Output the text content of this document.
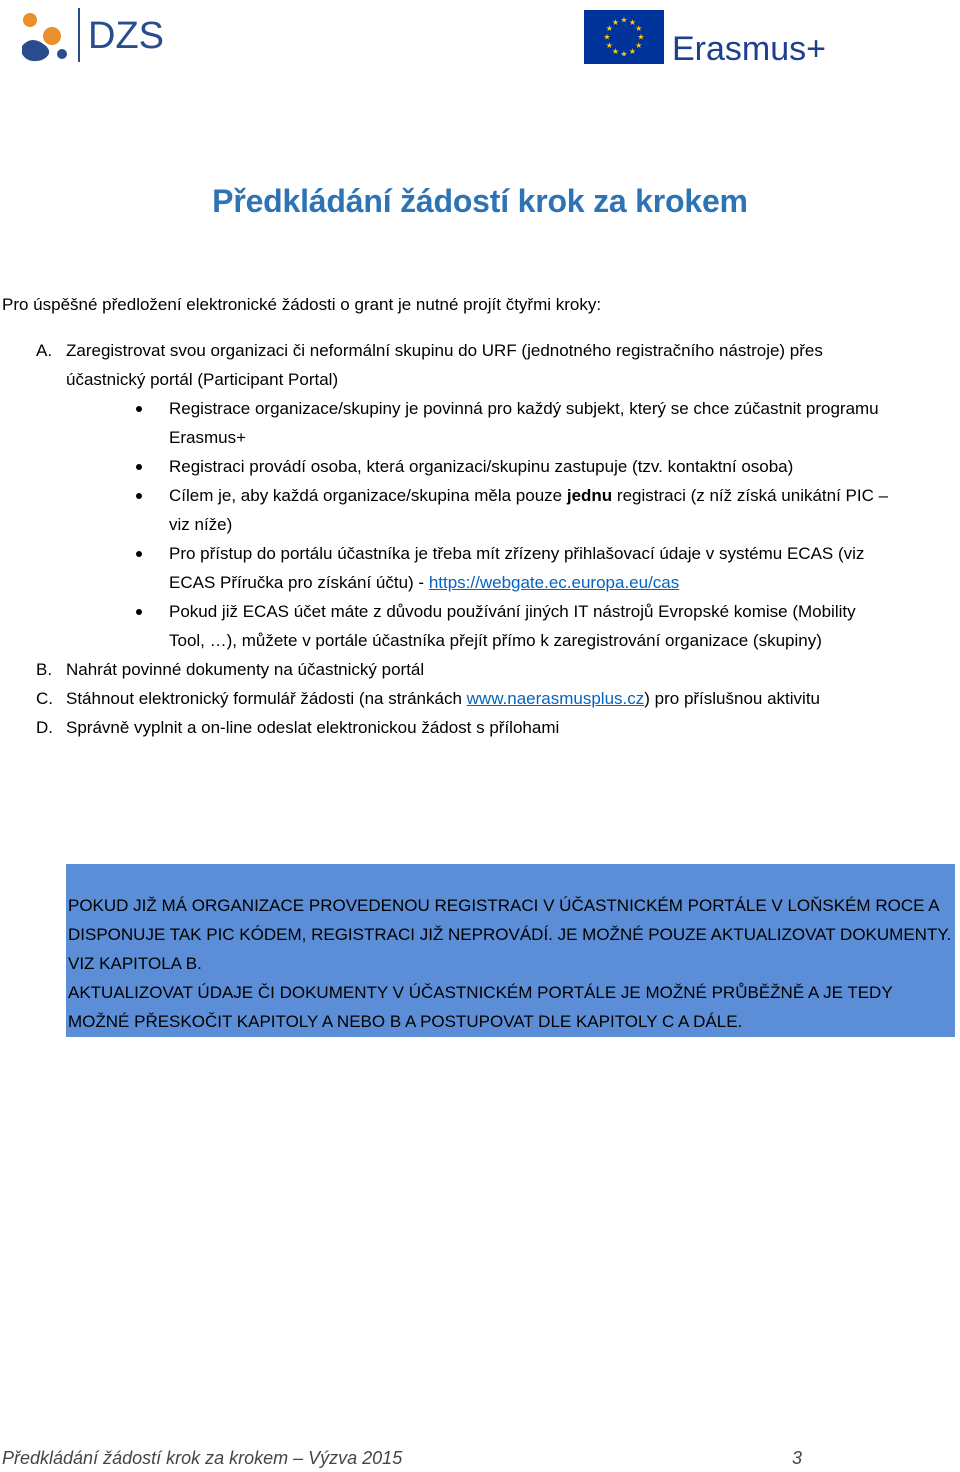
DZS	★
★
★
★
★
★
★
★
★ ★ ★
★
Erasmus+
Předkládání žádostí krok za krokem
Pro úspěšné předložení elektronické žádosti o grant je nutné projít čtyřmi kroky:
A. Zaregistrovat svou organizaci či neformální skupinu do URF (jednotného registračního nástroje) přes
účastnický portál (Participant Portal)
Registrace organizace/skupiny je povinná pro každý subjekt, který se chce zúčastnit programu
Erasmus+
Registraci provádí osoba, která organizaci/skupinu zastupuje (tzv. kontaktní osoba)
Cílem je, aby každá organizace/skupina měla pouze jednu registraci (z níž získá unikátní PIC –
viz níže)
Pro přístup do portálu účastníka je třeba mít zřízeny přihlašovací údaje v systému ECAS (viz
ECAS Příručka pro získání účtu) - https://webgate.ec.europa.eu/cas
Pokud již ECAS účet máte z důvodu používání jiných IT nástrojů Evropské komise (Mobility
Tool, …), můžete v portále účastníka přejít přímo k zaregistrování organizace (skupiny)
B. Nahrát povinné dokumenty na účastnický portál
C. Stáhnout elektronický formulář žádosti (na stránkách www.naerasmusplus.cz) pro příslušnou aktivitu
D. Správně vyplnit a on-line odeslat elektronickou žádost s přílohami
POKUD JIŽ MÁ ORGANIZACE PROVEDENOU REGISTRACI V ÚČASTNICKÉM PORTÁLE V LOŇSKÉM ROCE A
DISPONUJE TAK PIC KÓDEM, REGISTRACI JIŽ NEPROVÁDÍ. JE MOŽNÉ POUZE AKTUALIZOVAT DOKUMENTY.
VIZ KAPITOLA B.
AKTUALIZOVAT ÚDAJE ČI DOKUMENTY V ÚČASTNICKÉM PORTÁLE JE MOŽNÉ PRŮBĚŽNĚ A JE TEDY
MOŽNÉ PŘESKOČIT KAPITOLY A NEBO B A POSTUPOVAT DLE KAPITOLY C A DÁLE.
Předkládání žádostí krok za krokem – Výzva 2015	3
